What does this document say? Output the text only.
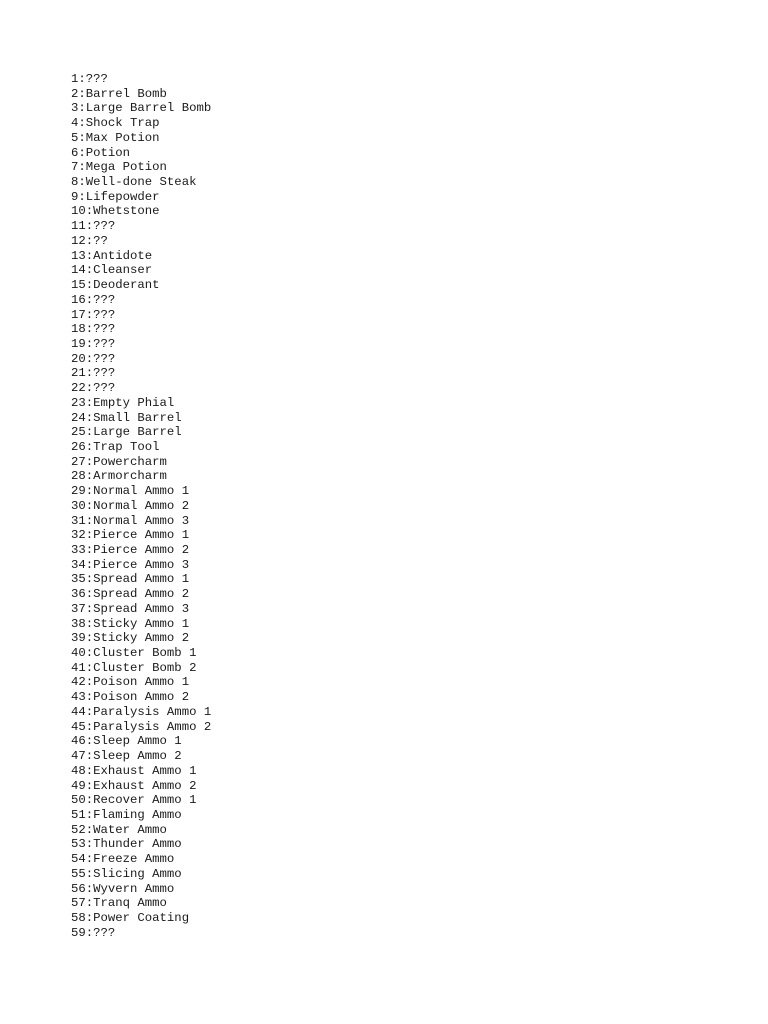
1:???
2:Barrel Bomb
3:Large Barrel Bomb
4:Shock Trap
5:Max Potion
6:Potion
7:Mega Potion
8:Well-done Steak
9:Lifepowder
10:Whetstone
11:???
12:??
13:Antidote
14:Cleanser
15:Deoderant
16:???
17:???
18:???
19:???
20:???
21:???
22:???
23:Empty Phial
24:Small Barrel
25:Large Barrel
26:Trap Tool
27:Powercharm
28:Armorcharm
29:Normal Ammo 1
30:Normal Ammo 2
31:Normal Ammo 3
32:Pierce Ammo 1
33:Pierce Ammo 2
34:Pierce Ammo 3
35:Spread Ammo 1
36:Spread Ammo 2
37:Spread Ammo 3
38:Sticky Ammo 1
39:Sticky Ammo 2
40:Cluster Bomb 1
41:Cluster Bomb 2
42:Poison Ammo 1
43:Poison Ammo 2
44:Paralysis Ammo 1
45:Paralysis Ammo 2
46:Sleep Ammo 1
47:Sleep Ammo 2
48:Exhaust Ammo 1
49:Exhaust Ammo 2
50:Recover Ammo 1
51:Flaming Ammo
52:Water Ammo
53:Thunder Ammo
54:Freeze Ammo
55:Slicing Ammo
56:Wyvern Ammo
57:Tranq Ammo
58:Power Coating
59:???
